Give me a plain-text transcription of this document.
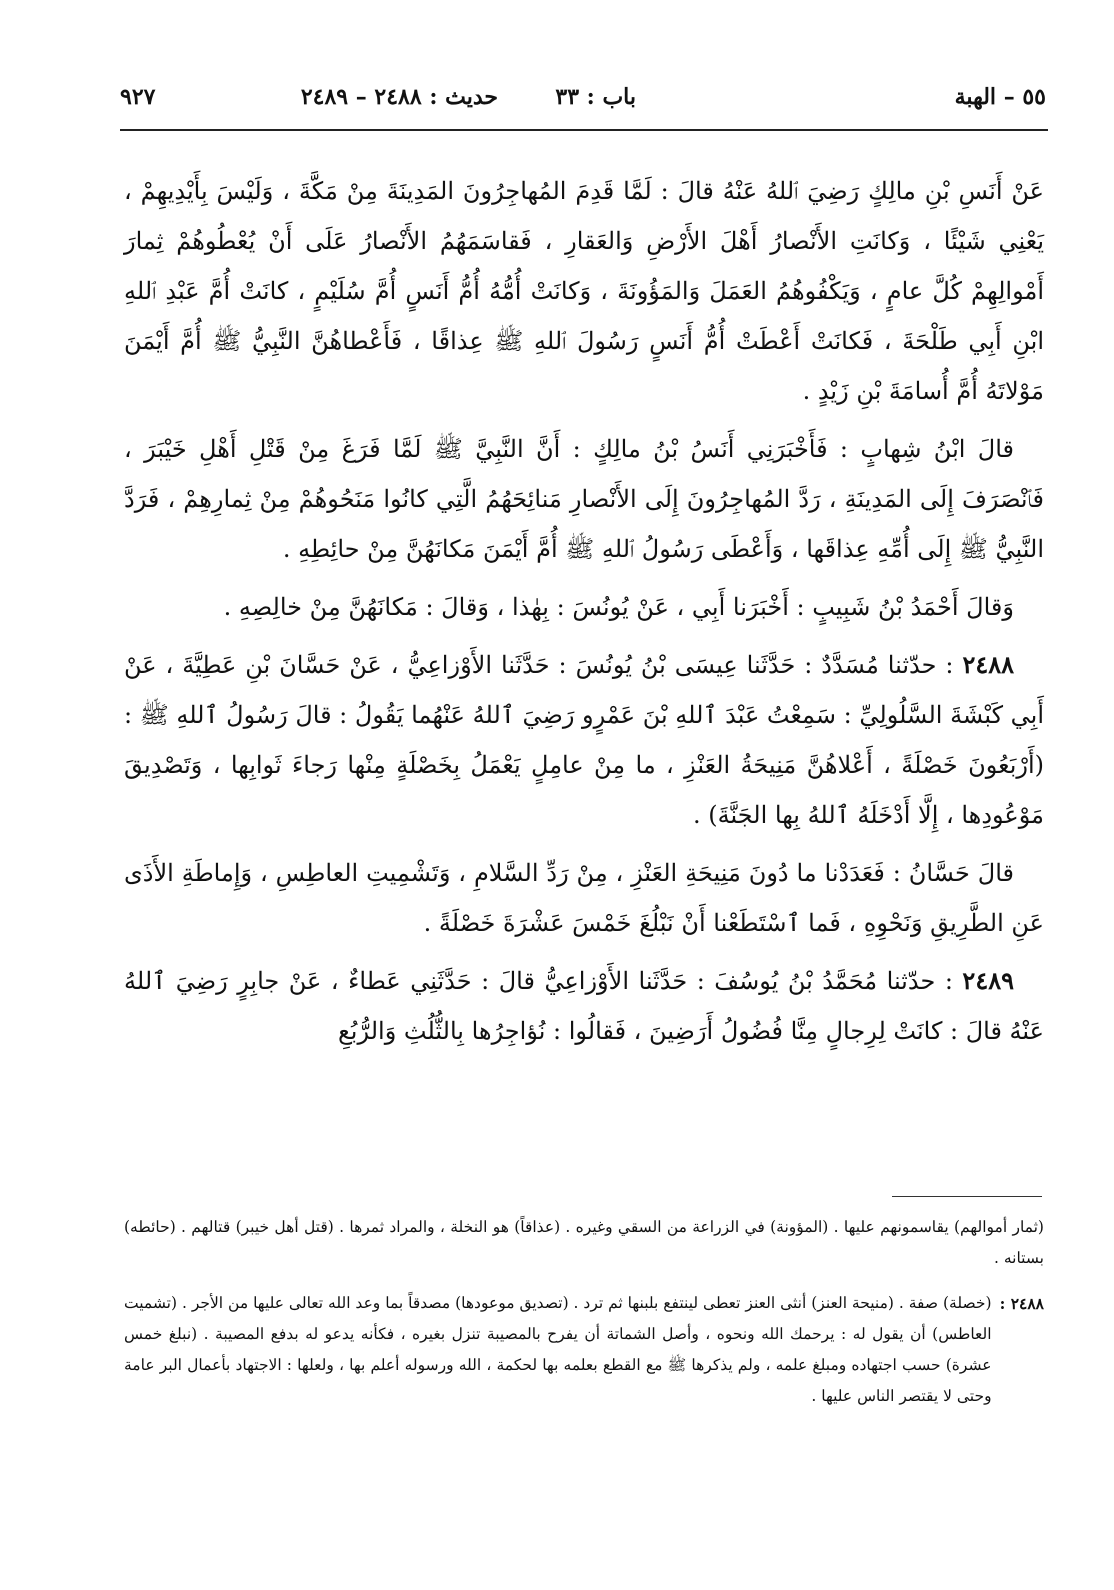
٥٥ – الهبة
باب : ٣٣
حديث : ٢٤٨٨ – ٢٤٨٩
٩٢٧

عَنْ أَنَسِ بْنِ مالِكٍ رَضِيَ ٱللهُ عَنْهُ قالَ : لَمَّا قَدِمَ المُهاجِرُونَ المَدِينَةَ مِنْ مَكَّةَ ، وَلَيْسَ بِأَيْدِيهِمْ ، يَعْنِي شَيْئًا ، وَكانَتِ الأَنْصارُ أَهْلَ الأَرْضِ وَالعَقارِ ، فَقاسَمَهُمُ الأَنْصارُ عَلَى أَنْ يُعْطُوهُمْ ثِمارَ أَمْوالِهِمْ كُلَّ عامٍ ، وَيَكْفُوهُمُ العَمَلَ وَالمَؤُونَةَ ، وَكانَتْ أُمُّهُ أُمُّ أَنَسٍ أُمَّ سُلَيْمٍ ، كانَتْ أُمَّ عَبْدِ ٱللهِ ابْنِ أَبِي طَلْحَةَ ، فَكانَتْ أَعْطَتْ أُمُّ أَنَسٍ رَسُولَ ٱللهِ ﷺ عِذاقًا ، فَأَعْطاهُنَّ النَّبِيُّ ﷺ أُمَّ أَيْمَنَ مَوْلاتَهُ أُمَّ أُسامَةَ بْنِ زَيْدٍ .

قالَ ابْنُ شِهابٍ : فَأَخْبَرَنِي أَنَسُ بْنُ مالِكٍ : أَنَّ النَّبِيَّ ﷺ لَمَّا فَرَغَ مِنْ قَتْلِ أَهْلِ خَيْبَرَ ، فَٱنْصَرَفَ إِلَى المَدِينَةِ ، رَدَّ المُهاجِرُونَ إِلَى الأَنْصارِ مَنائِحَهُمُ الَّتِي كانُوا مَنَحُوهُمْ مِنْ ثِمارِهِمْ ، فَرَدَّ النَّبِيُّ ﷺ إِلَى أُمِّهِ عِذاقَها ، وَأَعْطَى رَسُولُ ٱللهِ ﷺ أُمَّ أَيْمَنَ مَكانَهُنَّ مِنْ حائِطِهِ .

وَقالَ أَحْمَدُ بْنُ شَبِيبٍ : أَخْبَرَنا أَبِي ، عَنْ يُونُسَ : بِهٰذا ، وَقالَ : مَكانَهُنَّ مِنْ خالِصِهِ .

٢٤٨٨ : حدّثنا مُسَدَّدٌ : حَدَّثَنا عِيسَى بْنُ يُونُسَ : حَدَّثَنا الأَوْزاعِيُّ ، عَنْ حَسَّانَ بْنِ عَطِيَّةَ ، عَنْ أَبِي كَبْشَةَ السَّلُولِيِّ : سَمِعْتُ عَبْدَ ٱللهِ بْنَ عَمْرٍو رَضِيَ ٱللهُ عَنْهُما يَقُولُ : قالَ رَسُولُ ٱللهِ ﷺ : (أَرْبَعُونَ خَصْلَةً ، أَعْلاهُنَّ مَنِيحَةُ العَنْزِ ، ما مِنْ عامِلٍ يَعْمَلُ بِخَصْلَةٍ مِنْها رَجاءَ ثَوابِها ، وَتَصْدِيقَ مَوْعُودِها ، إِلَّا أَدْخَلَهُ ٱللهُ بِها الجَنَّةَ) .

قالَ حَسَّانُ : فَعَدَدْنا ما دُونَ مَنِيحَةِ العَنْزِ ، مِنْ رَدِّ السَّلامِ ، وَتَشْمِيتِ العاطِسِ ، وَإِماطَةِ الأَذَى عَنِ الطَّرِيقِ وَنَحْوِهِ ، فَما ٱسْتَطَعْنا أَنْ نَبْلُغَ خَمْسَ عَشْرَةَ خَصْلَةً .

٢٤٨٩ : حدّثنا مُحَمَّدُ بْنُ يُوسُفَ : حَدَّثَنا الأَوْزاعِيُّ قالَ : حَدَّثَنِي عَطاءٌ ، عَنْ جابِرٍ رَضِيَ ٱللهُ عَنْهُ قالَ : كانَتْ لِرِجالٍ مِنَّا فُضُولُ أَرَضِينَ ، فَقالُوا : نُؤاجِرُها بِالثُّلُثِ وَالرُّبُعِ

(ثمار أموالهم) يقاسمونهم عليها . (المؤونة) في الزراعة من السقي وغيره . (عذاقاً) هو النخلة ، والمراد ثمرها . (قتل أهل خيبر) قتالهم . (حائطه) بستانه .
٢٤٨٨ :
(خصلة) صفة . (منيحة العنز) أنثى العنز تعطى لينتفع بلبنها ثم ترد . (تصديق موعودها) مصدقاً بما وعد الله تعالى عليها من الأجر . (تشميت العاطس) أن يقول له : يرحمك الله ونحوه ، وأصل الشماتة أن يفرح بالمصيبة تنزل بغيره ، فكأنه يدعو له بدفع المصيبة . (نبلغ خمس عشرة) حسب اجتهاده ومبلغ علمه ، ولم يذكرها ﷺ مع القطع بعلمه بها لحكمة ، الله ورسوله أعلم بها ، ولعلها : الاجتهاد بأعمال البر عامة وحتى لا يقتصر الناس عليها .
